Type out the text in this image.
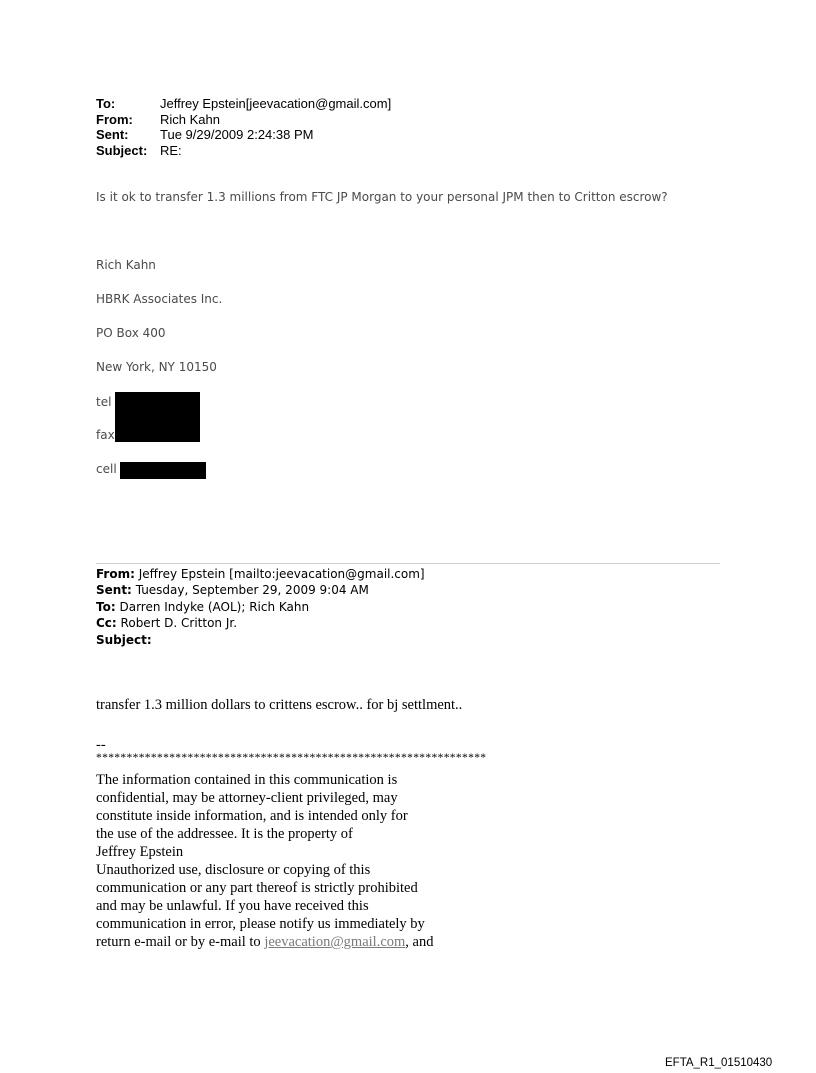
To:	Jeffrey Epstein[jeevacation@gmail.com]
From:	Rich Kahn
Sent:	Tue 9/29/2009 2:24:38 PM
Subject: RE:
Is it ok to transfer 1.3 millions from FTC JP Morgan to your personal JPM then to Critton escrow?
Rich Kahn
HBRK Associates Inc.
PO Box 400
New York, NY 10150
tel
fax
cell
From: Jeffrey Epstein [mailto:jeevacation@gmail.com]
Sent: Tuesday, September 29, 2009 9:04 AM
To: Darren Indyke (AOL); Rich Kahn
Cc: Robert D. Critton Jr.
Subject:
transfer 1.3 million dollars to crittens escrow.. for bj settlment..
--
****************************************************************
The information contained in this communication is
confidential, may be attorney-client privileged, may
constitute inside information, and is intended only for
the use of the addressee. It is the property of
Jeffrey Epstein
Unauthorized use, disclosure or copying of this
communication or any part thereof is strictly prohibited
and may be unlawful. If you have received this
communication in error, please notify us immediately by
return e-mail or by e-mail to jeevacation@gmail.com, and
EFTA_R1_01510430
